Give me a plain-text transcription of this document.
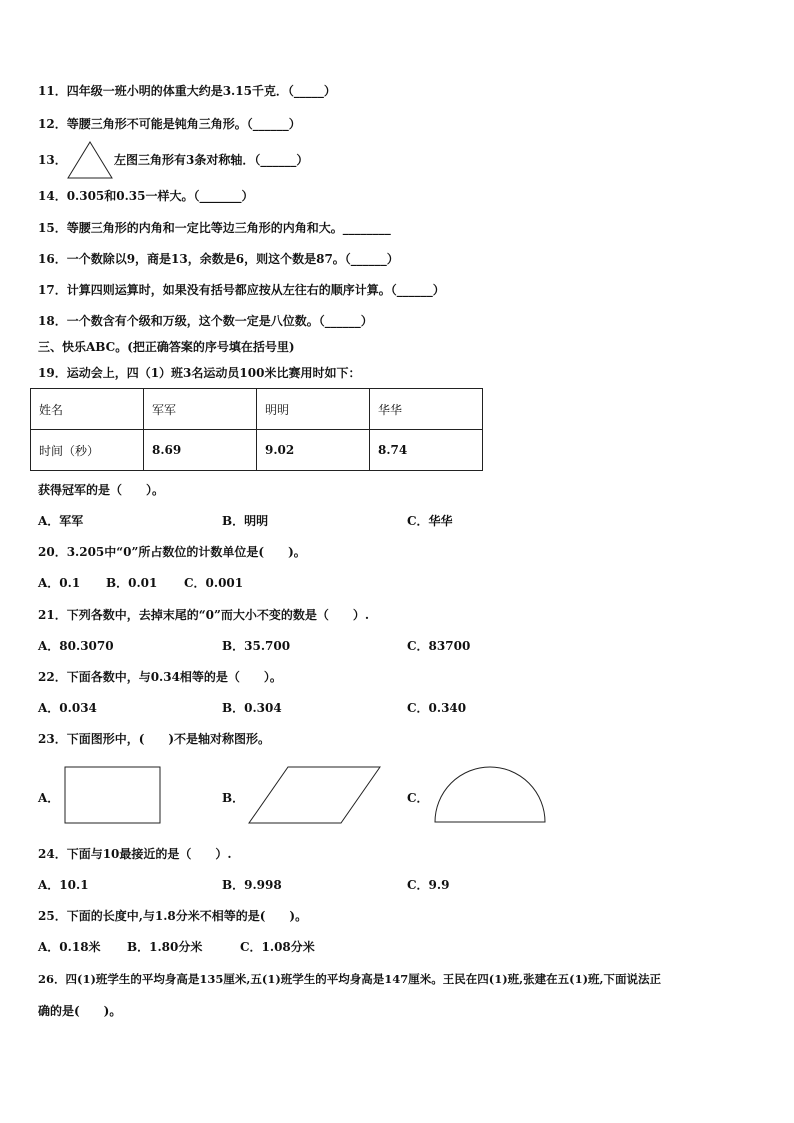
11．四年级一班小明的体重大约是3.15千克．（_____）
12．等腰三角形不可能是钝角三角形。（______）
13．	左图三角形有3条对称轴．（______）
14．0.305和0.35一样大。（_______）
15．等腰三角形的内角和一定比等边三角形的内角和大。________
16．一个数除以9，商是13，余数是6，则这个数是87。（______）
17．计算四则运算时，如果没有括号都应按从左往右的顺序计算。（______）
18．一个数含有个级和万级，这个数一定是八位数。（______）
三、快乐ABC。(把正确答案的序号填在括号里)
19．运动会上，四（1）班3名运动员100米比赛用时如下：
姓名	军军	明明	华华
时间（秒）	8.69	9.02	8.74
获得冠军的是（　　）。
A．军军	B．明明	C．华华
20．3.205中“0”所占数位的计数单位是(　　)。
A．0.1 B．0.01 C．0.001
21．下列各数中，去掉末尾的“0”而大小不变的数是（　　）.
A．80.3070	B．35.700	C．83700
22．下面各数中，与0.34相等的是（　　）。
A．0.034	B．0.304	C．0.340
23．下面图形中，(　　)不是轴对称图形。
A．	B．	C．
24．下面与10最接近的是（　　）.
A．10.1	B．9.998	C．9.9
25．下面的长度中,与1.8分米不相等的是(　　)。
A．0.18米 B．1.80分米	C．1.08分米
26．四(1)班学生的平均身高是135厘米,五(1)班学生的平均身高是147厘米。王民在四(1)班,张建在五(1)班,下面说法正
确的是(　　)。
